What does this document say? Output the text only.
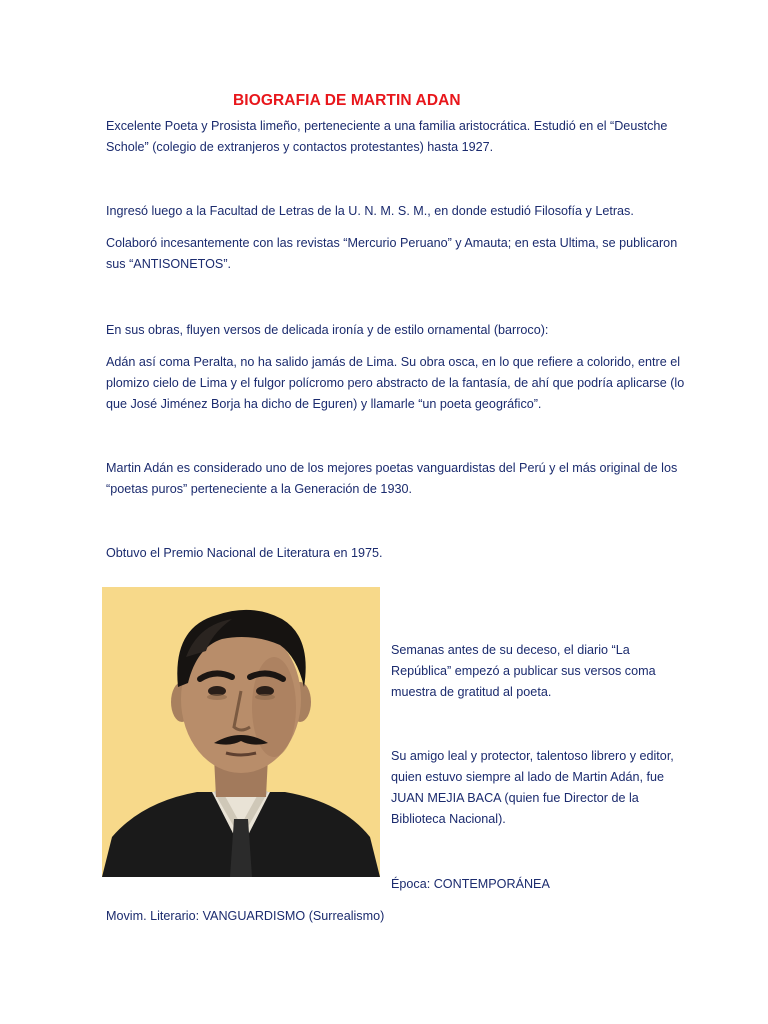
BIOGRAFIA DE MARTIN ADAN

Excelente Poeta y Prosista limeño, perteneciente a una familia aristocrática. Estudió en el “Deustche Schole” (colegio de extranjeros y contactos protestantes) hasta 1927.

Ingresó luego a la Facultad de Letras de la U. N. M. S. M., en donde estudió Filosofía y Letras.

Colaboró incesantemente con las revistas “Mercurio Peruano” y Amauta; en esta Ultima, se publicaron sus “ANTISONETOS”.

En sus obras, fluyen versos de delicada ironía y de estilo ornamental (barroco):

Adán así coma Peralta, no ha salido jamás de Lima. Su obra osca, en lo que refiere a colorido, entre el plomizo cielo de Lima y el fulgor polícromo pero abstracto de la fantasía, de ahí que podría aplicarse (lo que José Jiménez Borja ha dicho de Eguren) y llamarle “un poeta geográfico”.

Martin Adán es considerado uno de los mejores poetas vanguardistas del Perú y el más original de los “poetas puros” perteneciente a la Generación de 1930.

Obtuvo el Premio Nacional de Literatura en 1975.

Semanas antes de su deceso, el diario “La República” empezó a publicar sus versos coma muestra de gratitud al poeta.

Su amigo leal y protector, talentoso librero y editor, quien estuvo siempre al lado de Martin Adán, fue JUAN MEJIA BACA (quien fue Director de la Biblioteca Nacional).

Época: CONTEMPORÁNEA

Movim. Literario: VANGUARDISMO (Surrealismo)
